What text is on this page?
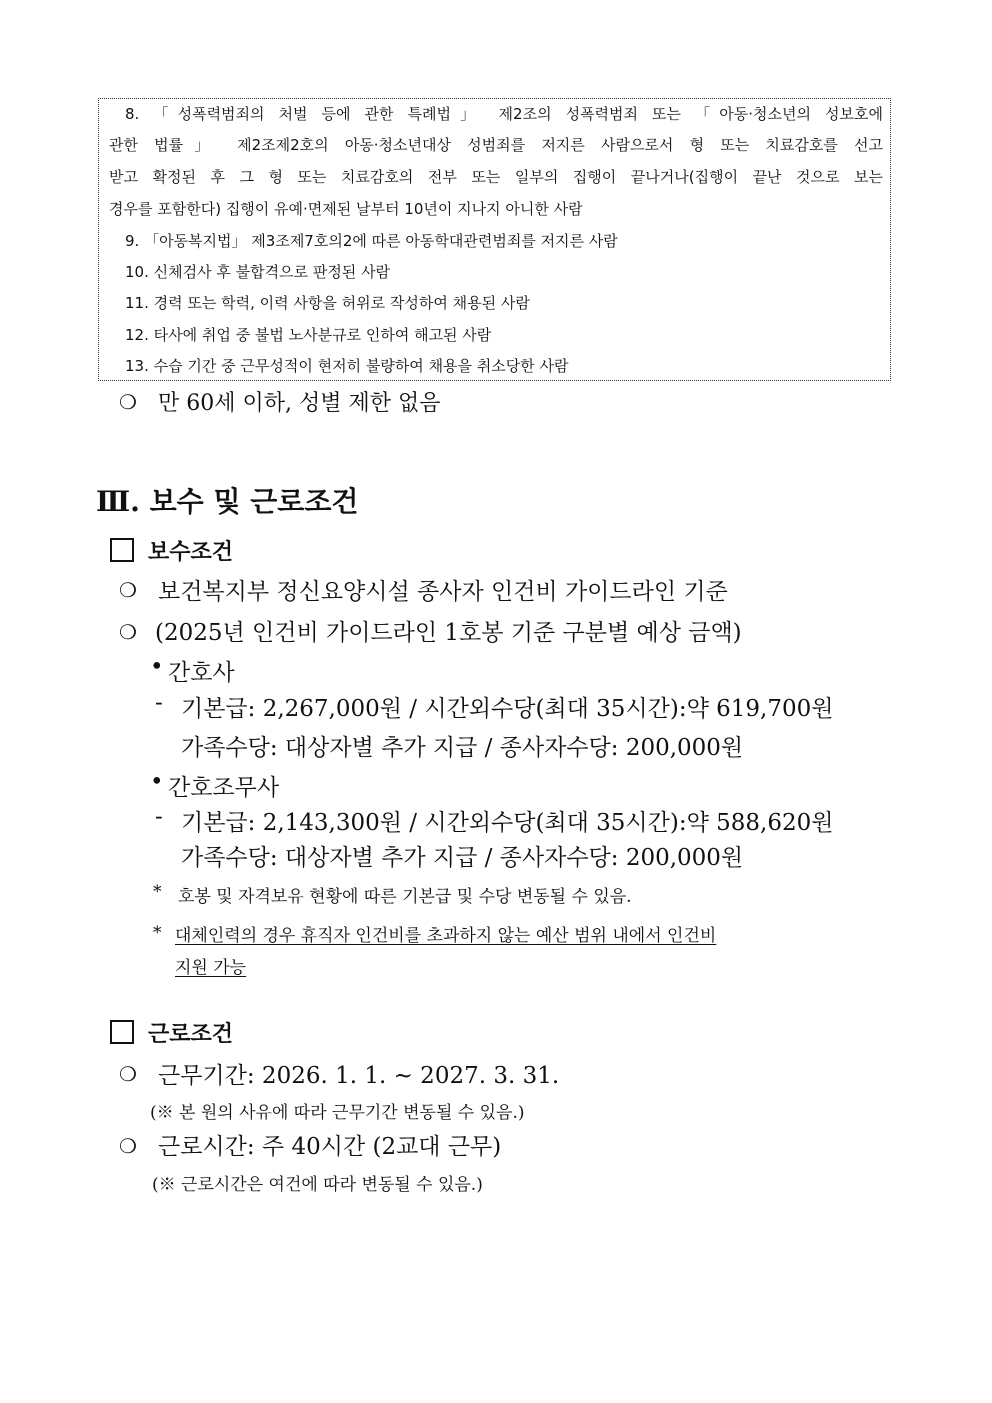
8. 「성폭력범죄의 처벌 등에 관한 특례법」 제2조의 성폭력범죄 또는 「아동·청소년의 성보호에
관한 법률」 제2조제2호의 아동·청소년대상 성범죄를 저지른 사람으로서 형 또는 치료감호를 선고
받고 확정된 후 그 형 또는 치료감호의 전부 또는 일부의 집행이 끝나거나(집행이 끝난 것으로 보는
경우를 포함한다) 집행이 유예·면제된 날부터 10년이 지나지 아니한 사람
9. 「아동복지법」 제3조제7호의2에 따른 아동학대관련범죄를 저지른 사람
10. 신체검사 후 불합격으로 판정된 사람
11. 경력 또는 학력, 이력 사항을 허위로 작성하여 채용된 사람
12. 타사에 취업 중 불법 노사분규로 인하여 해고된 사람
13. 수습 기간 중 근무성적이 현저히 불량하여 채용을 취소당한 사람
❍ 만 60세 이하, 성별 제한 없음
Ⅲ. 보수 및 근로조건
보수조건
❍ 보건복지부 정신요양시설 종사자 인건비 가이드라인 기준
❍ (2025년 인건비 가이드라인 1호봉 기준 구분별 예상 금액)
• 간호사
- 기본급: 2,267,000원 / 시간외수당(최대 35시간):약 619,700원
가족수당: 대상자별 추가 지급 / 종사자수당: 200,000원
• 간호조무사
- 기본급: 2,143,300원 / 시간외수당(최대 35시간):약 588,620원
가족수당: 대상자별 추가 지급 / 종사자수당: 200,000원
* 호봉 및 자격보유 현황에 따른 기본급 및 수당 변동될 수 있음.
* 대체인력의 경우 휴직자 인건비를 초과하지 않는 예산 범위 내에서 인건비
지원 가능
근로조건
❍ 근무기간: 2026. 1. 1. ~ 2027. 3. 31.
(※ 본 원의 사유에 따라 근무기간 변동될 수 있음.)
❍ 근로시간: 주 40시간 (2교대 근무)
(※ 근로시간은 여건에 따라 변동될 수 있음.)
